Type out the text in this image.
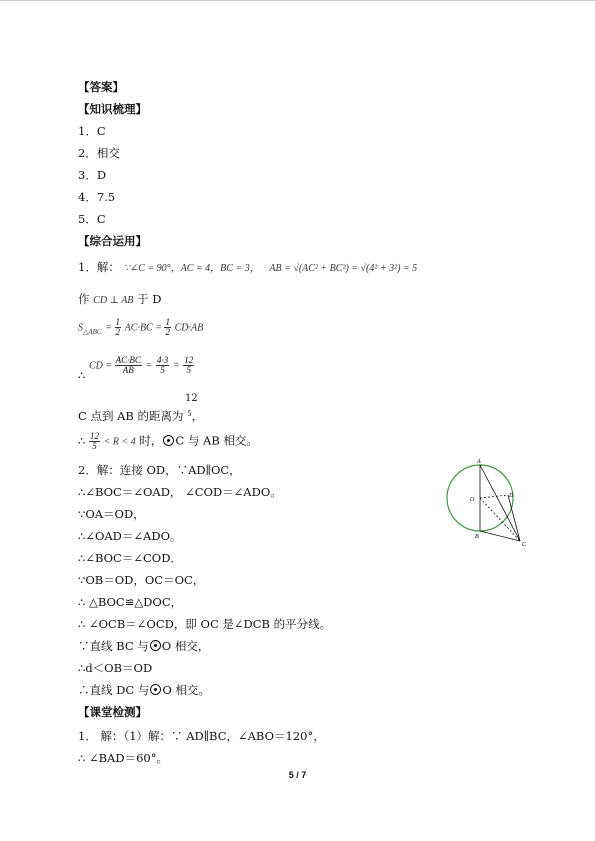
【答案】
【知识梳理】
1．C
2．相交
3．D
4．7.5
5．C
【综合运用】
1．解： ∵∠C = 90°，AC = 4，BC = 3， AB = √(AC² + BC²) = √(4² + 3²) = 5
作 CD ⊥ AB 于 D
$S_{\triangle ABC} = \frac{1}{2} AC\cdot BC = \frac{1}{2} CD\cdot AB$
∴ CD = $\frac{AC\cdot BC}{AB} = \frac{4\cdot 3}{5} = \frac{12}{5}$
12
C 点到 AB 的距离为 $^5$，
∴ $\frac{12}{5} < R < 4$ 时， C 与 AB 相交。
2．解：连接 OD，∵AD∥OC，
∴∠BOC＝∠OAD， ∠COD＝∠ADO。
∵OA＝OD，
∴∠OAD＝∠ADO。
∴∠BOC＝∠COD．
∵OB＝OD，OC＝OC，
∴ △BOC≌△DOC，
∴ ∠OCB＝∠OCD，即 OC 是∠DCB 的平分线。
∵直线 BC 与 O 相交，
∴d＜OB＝OD
∴直线 DC 与 O 相交。
【课堂检测】
1． 解：（1）解：∵ AD∥BC，∠ABO＝120°，
∴ ∠BAD＝60°。
A
O
D
B
C
5 / 7
